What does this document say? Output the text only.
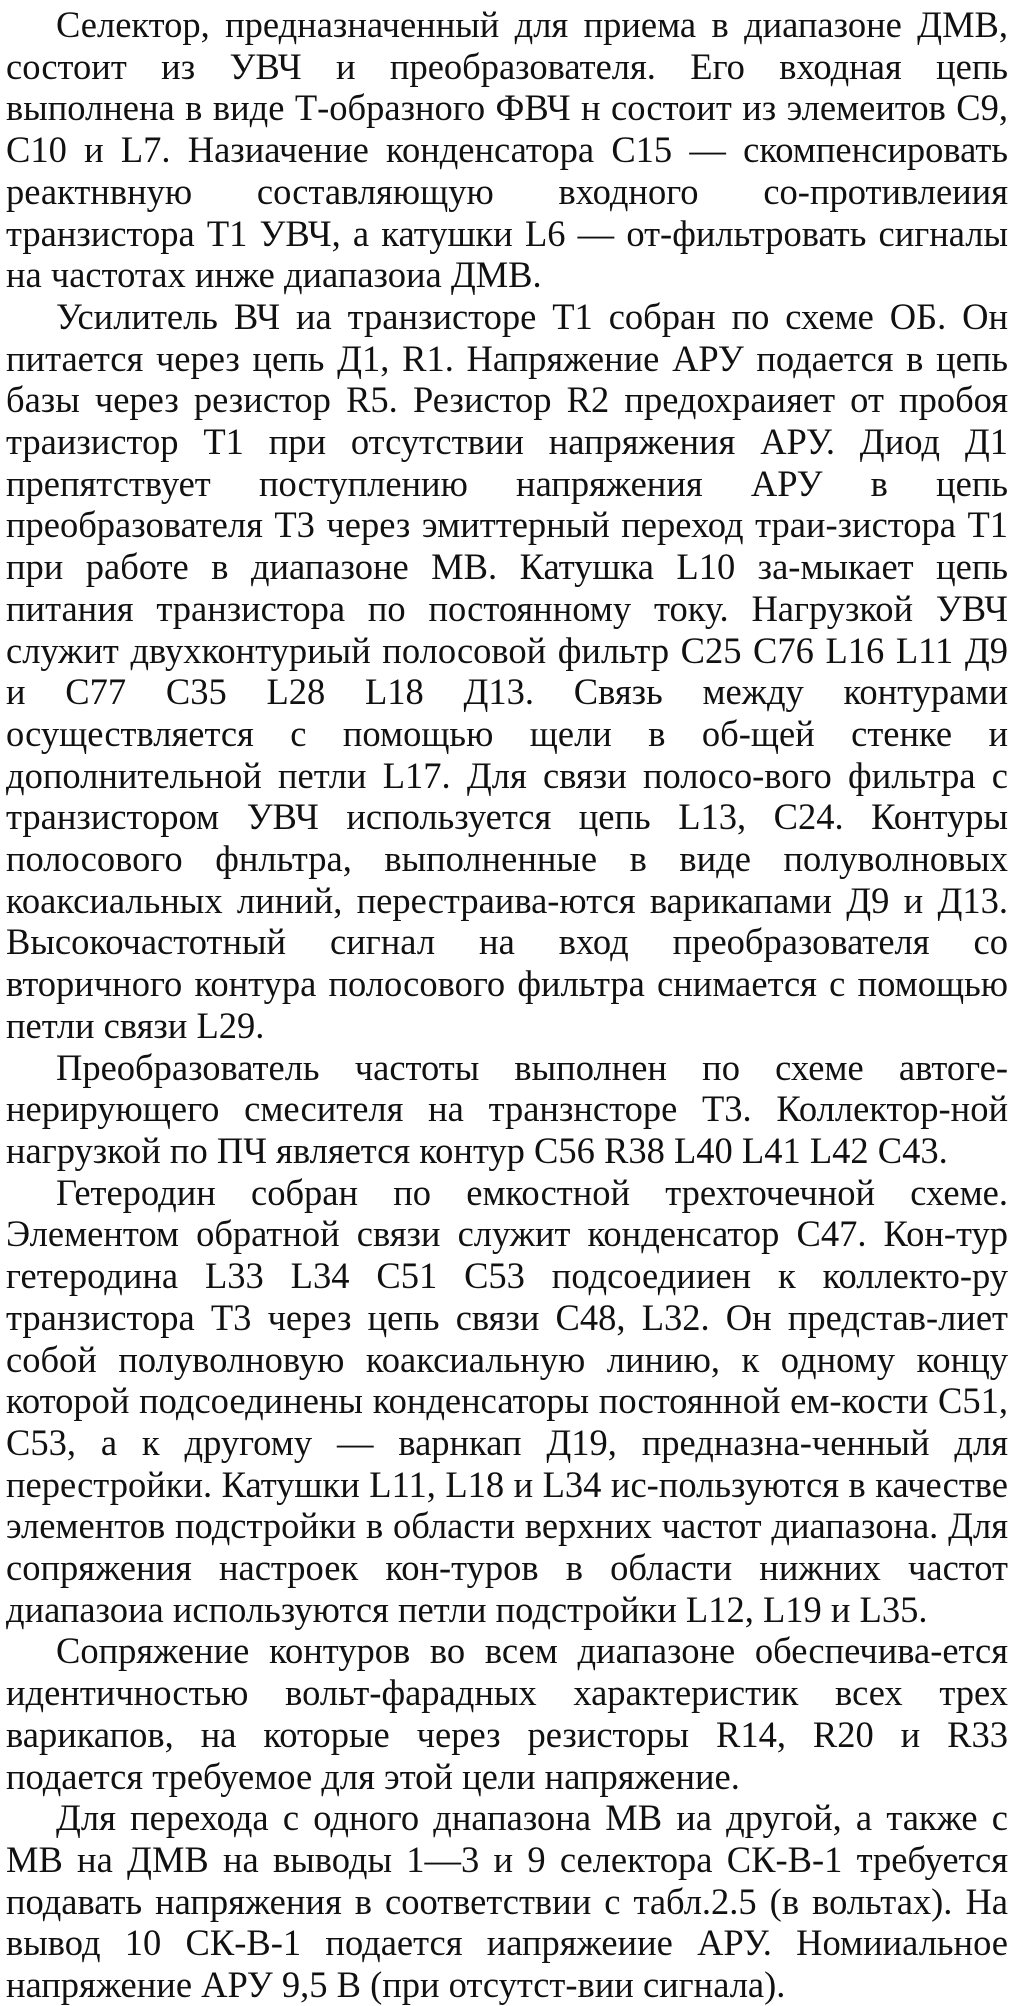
Селектор, предназначенный для приема в диапазоне ДМВ, состоит из УВЧ и преобразователя. Его входная цепь выполнена в виде Т-образного ФВЧ н состоит из элемеитов C9, C10 и L7. Назиачение конденсатора C15 — скомпенсировать реактнвную составляющую входного со-противлеиия транзистора T1 УВЧ, а катушки L6 — от-фильтровать сигналы на частотах инже диапазоиа ДМВ.

Усилитель ВЧ иа транзисторе T1 собран по схеме ОБ. Он питается через цепь Д1, R1. Напряжение АРУ подается в цепь базы через резистор R5. Резистор R2 предохраияет от пробоя траизистор T1 при отсутствии напряжения АРУ. Диод Д1 препятствует поступлению напряжения АРУ в цепь преобразователя T3 через эмиттерный переход траи-зистора T1 при работе в диапазоне МВ. Катушка L10 за-мыкает цепь питания транзистора по постоянному току. Нагрузкой УВЧ служит двухконтуриый полосовой фильтр C25 C76 L16 L11 Д9 и C77 C35 L28 L18 Д13. Связь между контурами осуществляется с помощью щели в об-щей стенке и дополнительной петли L17. Для связи полосо-вого фильтра с транзистором УВЧ используется цепь L13, C24. Контуры полосового фнльтра, выполненные в виде полуволновых коаксиальных линий, перестраива-ются варикапами Д9 и Д13. Высокочастотный сигнал на вход преобразователя со вторичного контура полосового фильтра снимается с помощью петли связи L29.

Преобразователь частоты выполнен по схеме автоге-нерирующего смесителя на транзнсторе T3. Коллектор-ной нагрузкой по ПЧ является контур C56 R38 L40 L41 L42 C43.

Гетеродин собран по емкостной трехточечной схеме. Элементом обратной связи служит конденсатор C47. Кон-тур гетеродина L33 L34 C51 C53 подсоедииен к коллекто-ру транзистора T3 через цепь связи C48, L32. Он представ-лиет собой полуволновую коаксиальную линию, к одному концу которой подсоединены конденсаторы постоянной ем-кости C51, C53, а к другому — варнкап Д19, предназна-ченный для перестройки. Катушки L11, L18 и L34 ис-пользуются в качестве элементов подстройки в области верхних частот диапазона. Для сопряжения настроек кон-туров в области нижних частот диапазоиа используются петли подстройки L12, L19 и L35.

Сопряжение контуров во всем диапазоне обеспечива-ется идентичностью вольт-фарадных характеристик всех трех варикапов, на которые через резисторы R14, R20 и R33 подается требуемое для этой цели напряжение.

Для перехода с одного днапазона МВ иа другой, а также с МВ на ДМВ на выводы 1—3 и 9 селектора СК-В-1 требуется подавать напряжения в соответствии с табл.2.5 (в вольтах). На вывод 10 СК-В-1 подается иапряжеиие АРУ. Номииальное напряжение АРУ 9,5 В (при отсутст-вии сигнала).
